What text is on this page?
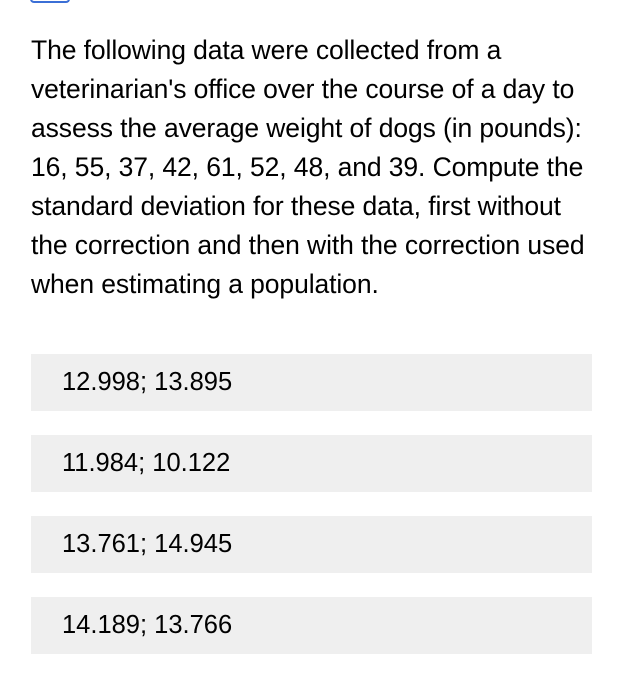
The following data were collected from a veterinarian's office over the course of a day to assess the average weight of dogs (in pounds): 16, 55, 37, 42, 61, 52, 48, and 39. Compute the standard deviation for these data, first without the correction and then with the correction used when estimating a population.

12.998; 13.895
11.984; 10.122
13.761; 14.945
14.189; 13.766
